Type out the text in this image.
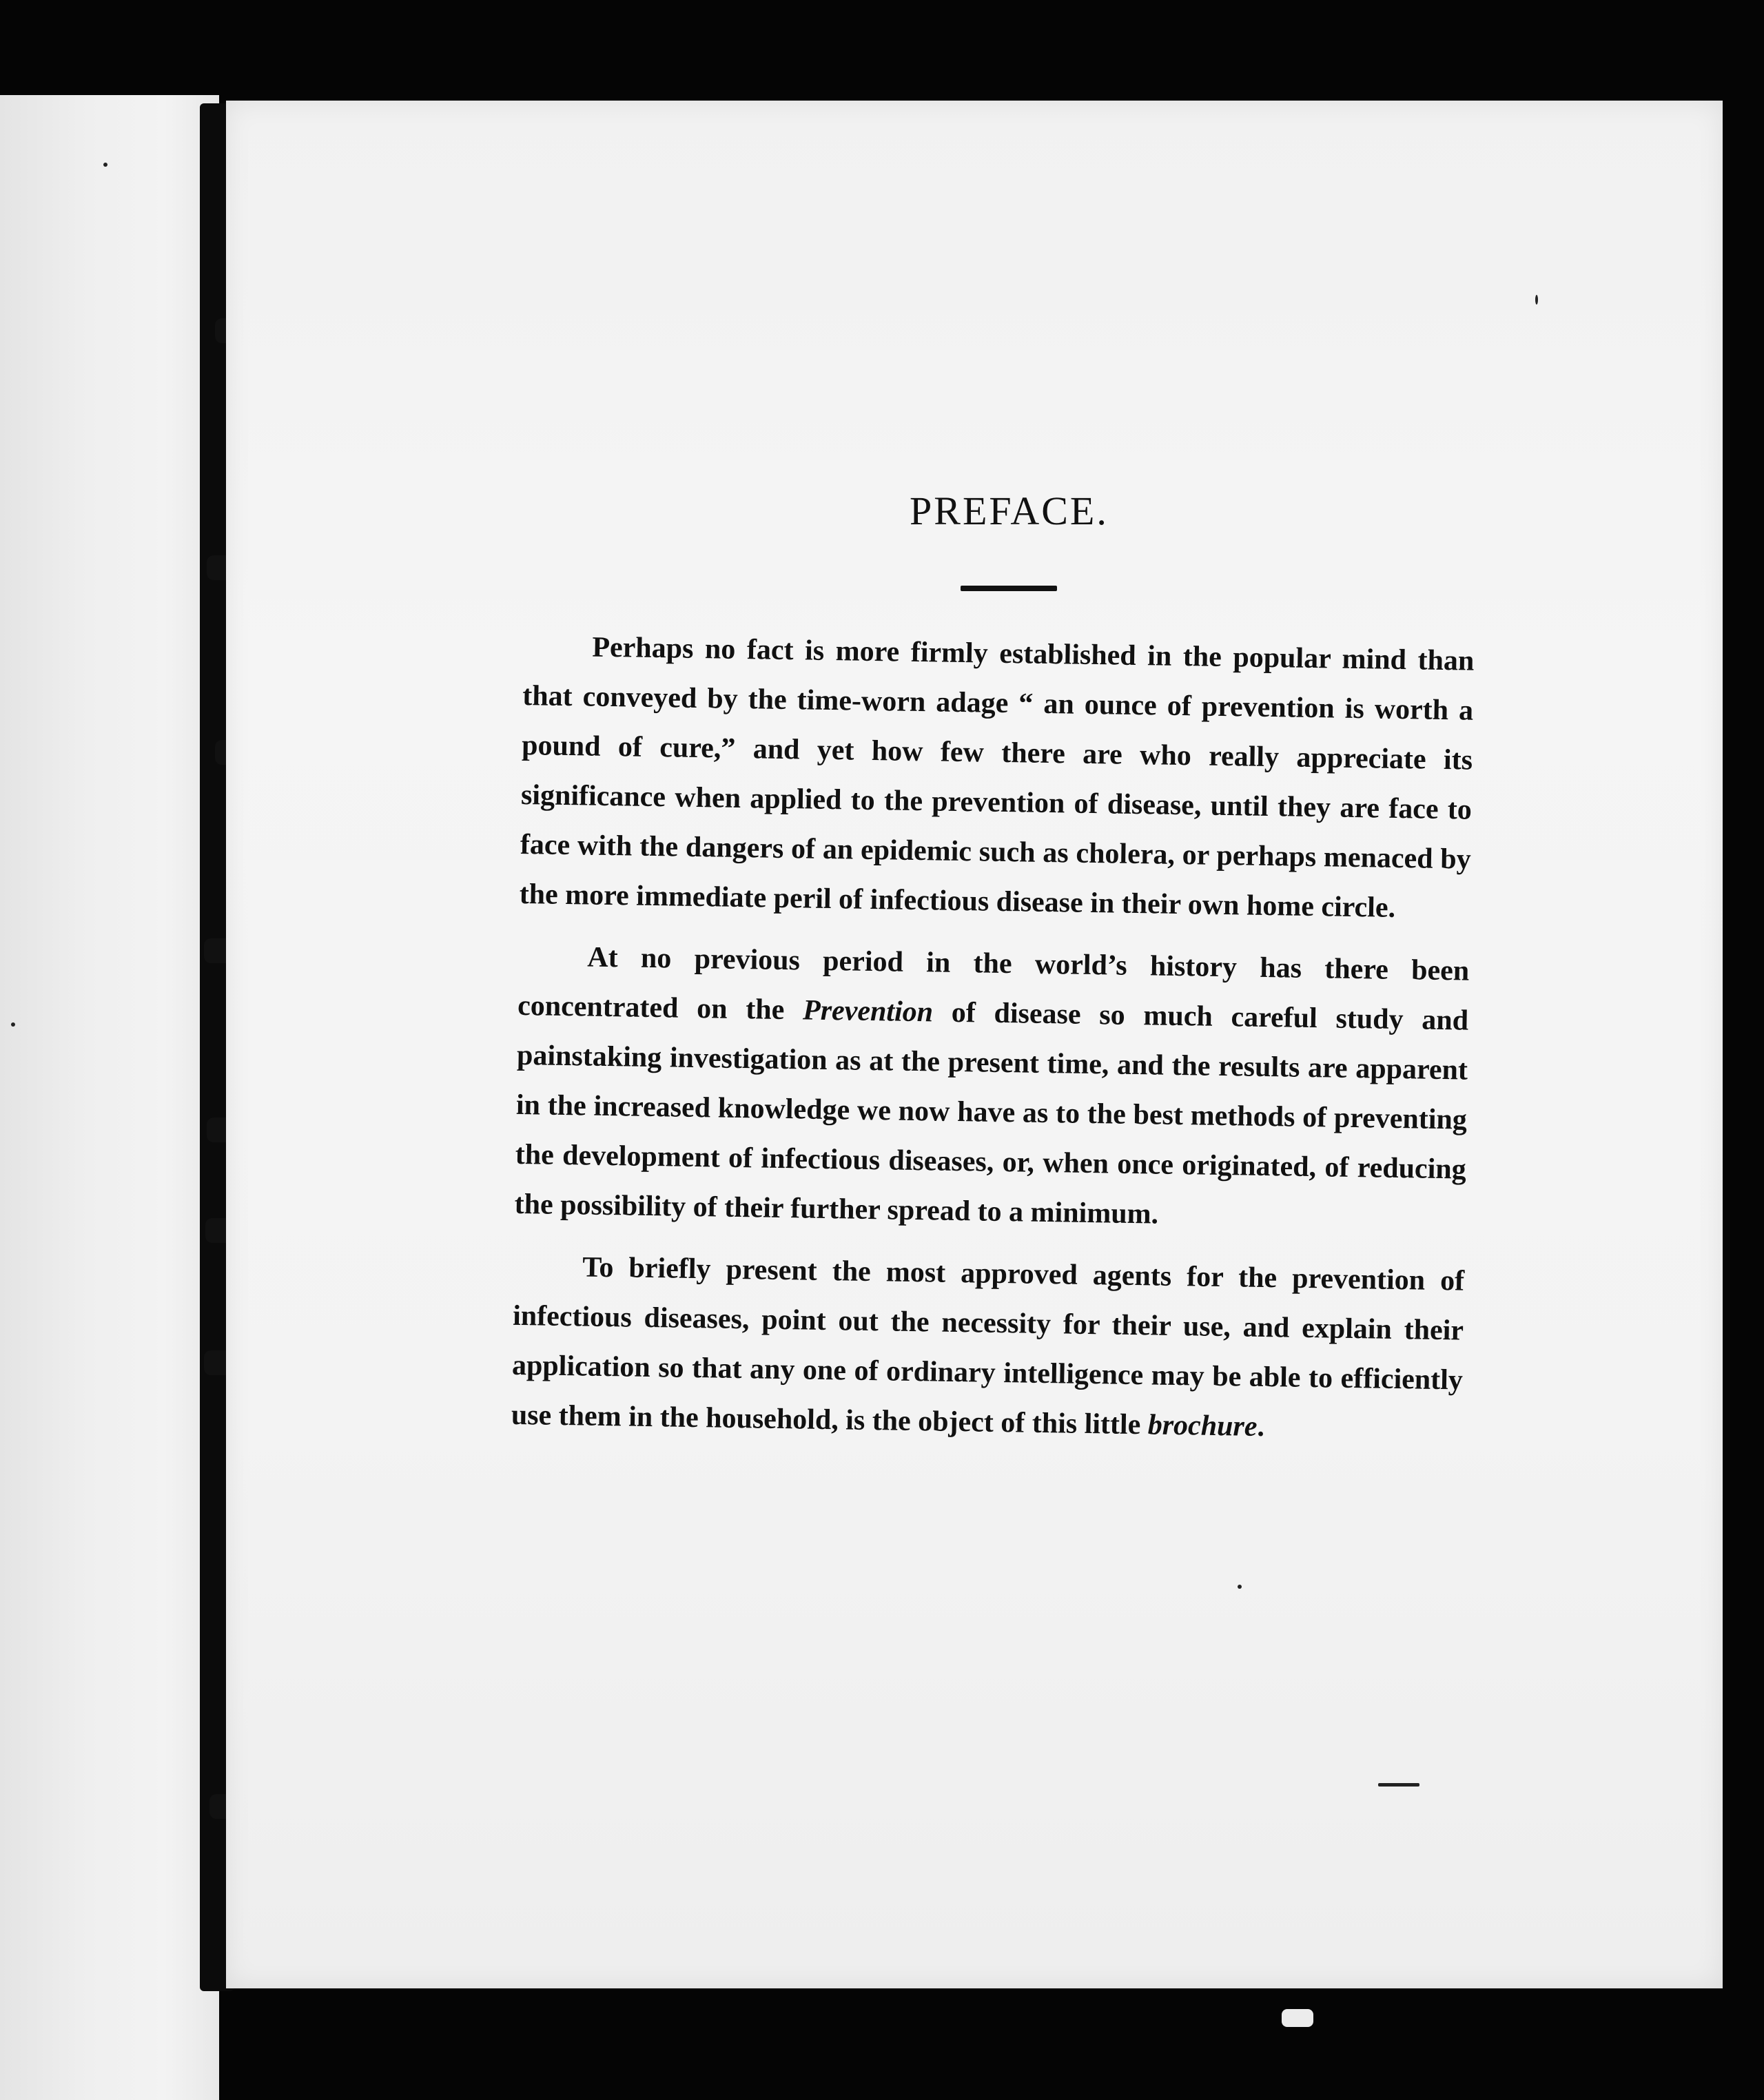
PREFACE.

Perhaps no fact is more firmly established in the popular mind than that conveyed by the time-worn adage “ an ounce of prevention is worth a pound of cure,” and yet how few there are who really appreciate its significance when applied to the prevention of disease, until they are face to face with the dangers of an epidemic such as cholera, or perhaps menaced by the more immediate peril of infectious disease in their own home circle.

At no previous period in the world’s history has there been concentrated on the Prevention of disease so much careful study and painstaking investigation as at the present time, and the results are apparent in the increased knowledge we now have as to the best methods of preventing the development of infectious diseases, or, when once originated, of reducing the possibility of their further spread to a minimum.

To briefly present the most approved agents for the prevention of infectious diseases, point out the necessity for their use, and explain their application so that any one of ordinary intelligence may be able to efficiently use them in the household, is the object of this little brochure.
